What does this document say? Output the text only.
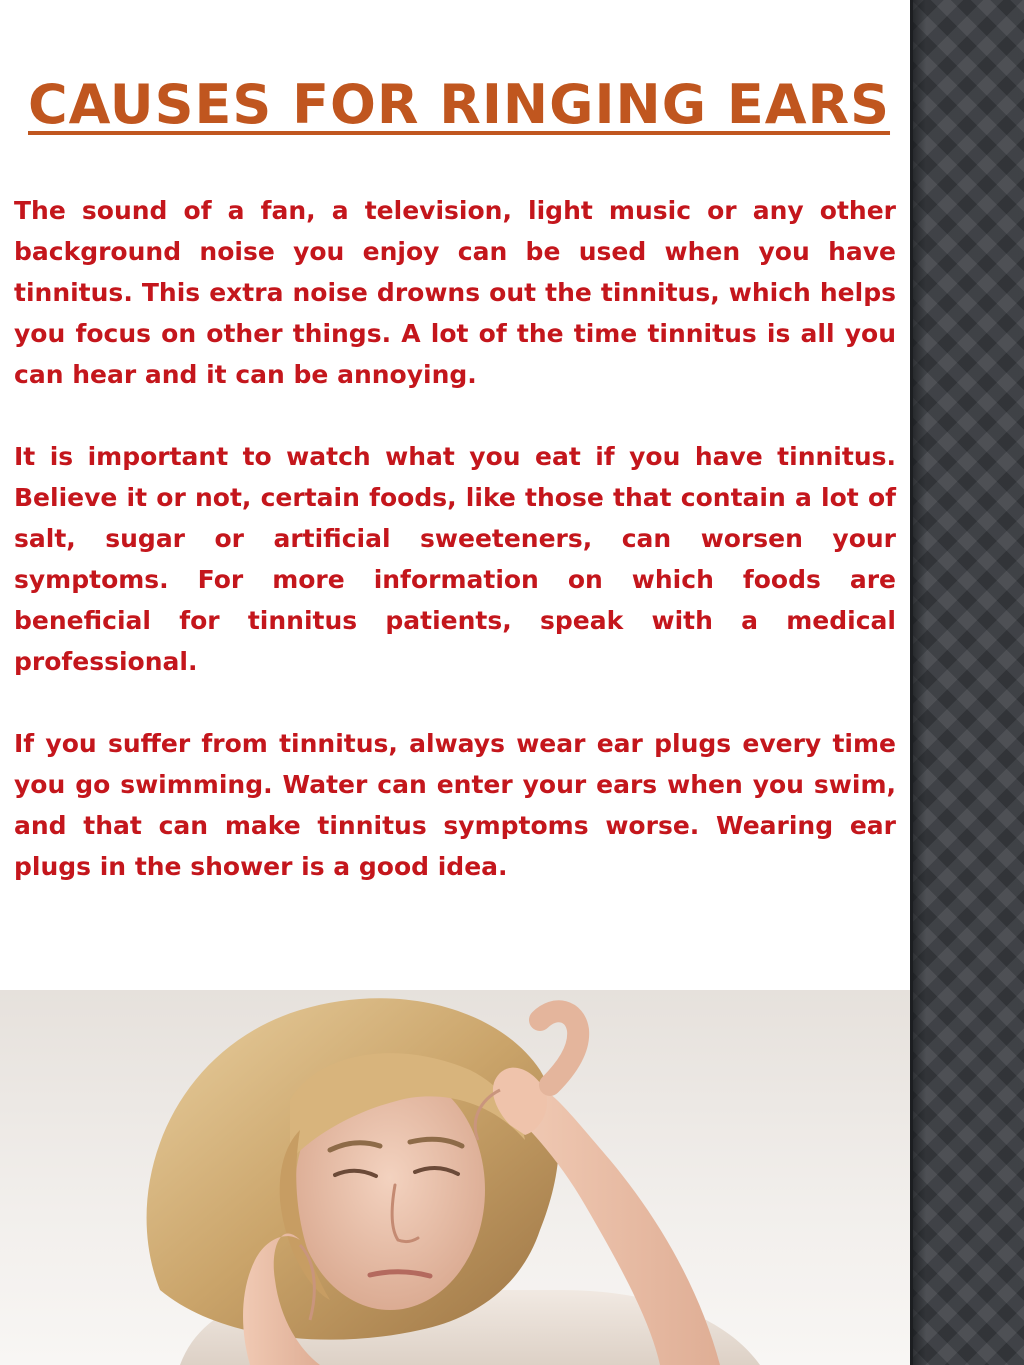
CAUSES FOR RINGING EARS

The sound of a fan, a television, light music or any other background noise you enjoy can be used when you have tinnitus. This extra noise drowns out the tinnitus, which helps you focus on other things. A lot of the time tinnitus is all you can hear and it can be annoying.

It is important to watch what you eat if you have tinnitus. Believe it or not, certain foods, like those that contain a lot of salt, sugar or artificial sweeteners, can worsen your symptoms. For more information on which foods are beneficial for tinnitus patients, speak with a medical professional.

If you suffer from tinnitus, always wear ear plugs every time you go swimming. Water can enter your ears when you swim, and that can make tinnitus symptoms worse. Wearing ear plugs in the shower is a good idea.
